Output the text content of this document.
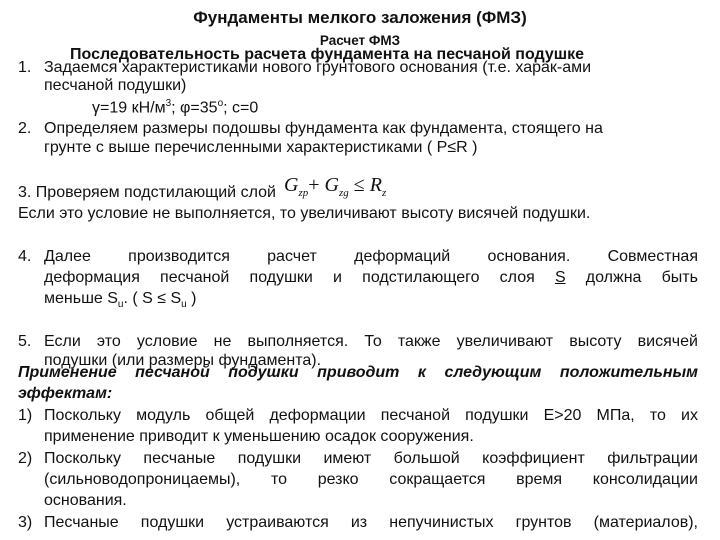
Фундаменты мелкого заложения (ФМЗ)
Расчет ФМЗ
Последовательность расчета фундамента на песчаной подушке
1. Задаемся характеристиками нового грунтового основания (т.е. харак-ами
песчаной подушки)
γ=19 $кН/м^3$; $\varphi=35^о$; c=0
2. Определяем размеры подошвы фундамента как фундамента, стоящего на
грунте с выше перечисленными характеристиками ( P≤R )
3. Проверяем подстилающий слой $G_{zp}+ G_{zg} \le R_z$
Если это условие не выполняется, то увеличивают высоту висячей подушки.
4. Далее производится расчет деформаций основания. Совместная
деформация песчаной подушки и подстилающего слоя S должна быть
меньше $S_u$. ( $S \le S_u$ )
5. Если это условие не выполняется. То также увеличивают высоту висячей
подушки (или размеры фундамента).
Применение песчаной подушки приводит к следующим положительным
эффектам:
1) Поскольку модуль общей деформации песчаной подушки E>20 МПа, то их
применение приводит к уменьшению осадок сооружения.
2) Поскольку песчаные подушки имеют большой коэффициент фильтрации
(сильноводопроницаемы), то резко сокращается время консолидации
основания.
3) Песчаные подушки устраиваются из непучинистых грунтов (материалов),
